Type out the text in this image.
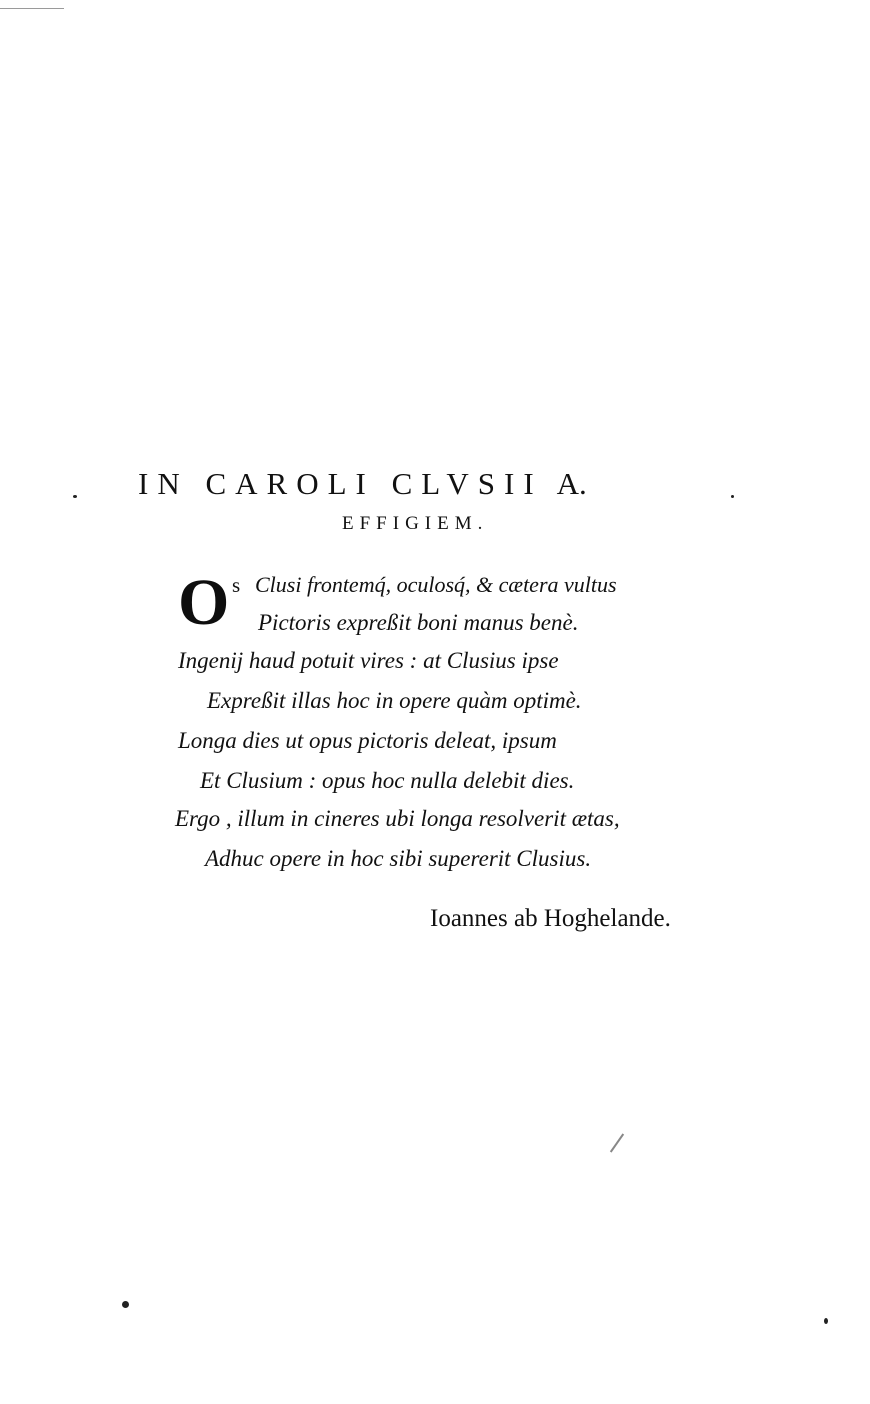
IN CAROLI CLVSII A.
EFFIGIEM.
O s Clusi frontemq́, oculosq́, & cætera vultus
Pictoris expreßit boni manus benè.
Ingenij haud potuit vires : at Clusius ipse
Expreßit illas hoc in opere quàm optimè.
Longa dies ut opus pictoris deleat, ipsum
Et Clusium : opus hoc nulla delebit dies.
Ergo , illum in cineres ubi longa resolverit ætas,
Adhuc opere in hoc sibi supererit Clusius.
Ioannes ab Hoghelande.
